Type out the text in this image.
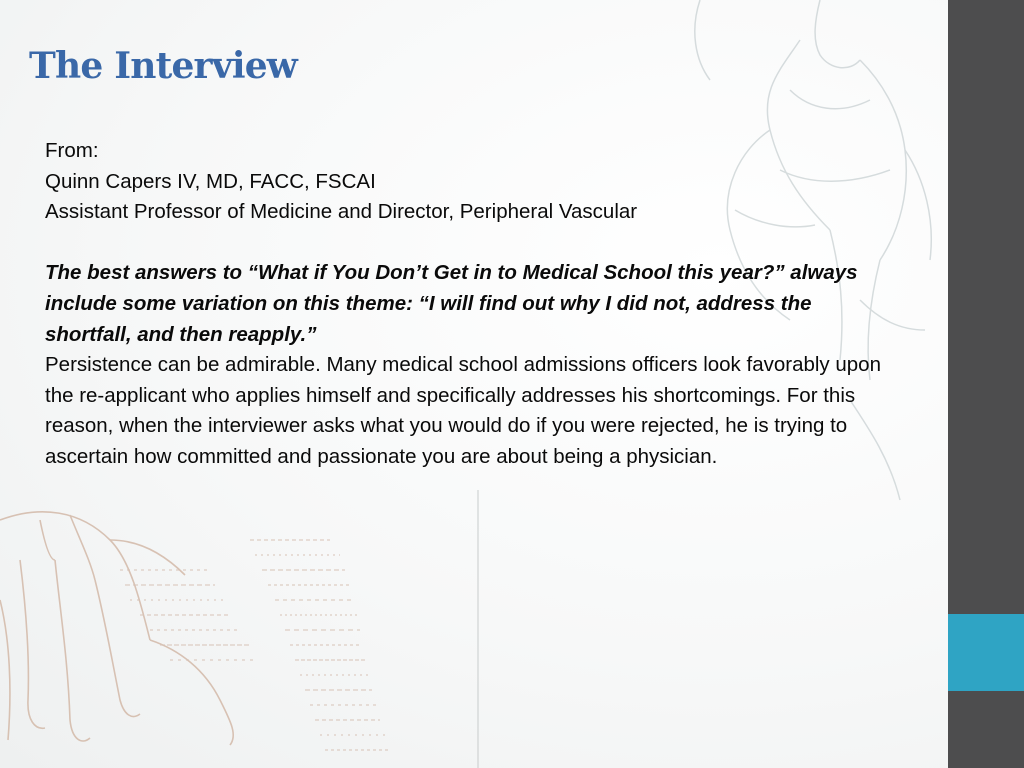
The Interview

From:

Quinn Capers IV, MD, FACC, FSCAI

Assistant Professor of Medicine and Director, Peripheral Vascular

The best answers to “What if You Don’t Get in to Medical School this year?” always include some variation on this theme: “I will find out why I did not, address the shortfall, and then reapply.”

Persistence can be admirable. Many medical school admissions officers look favorably upon the re-applicant who applies himself and specifically addresses his shortcomings. For this reason, when the interviewer asks what you would do if you were rejected, he is trying to ascertain how committed and passionate you are about being a physician.
